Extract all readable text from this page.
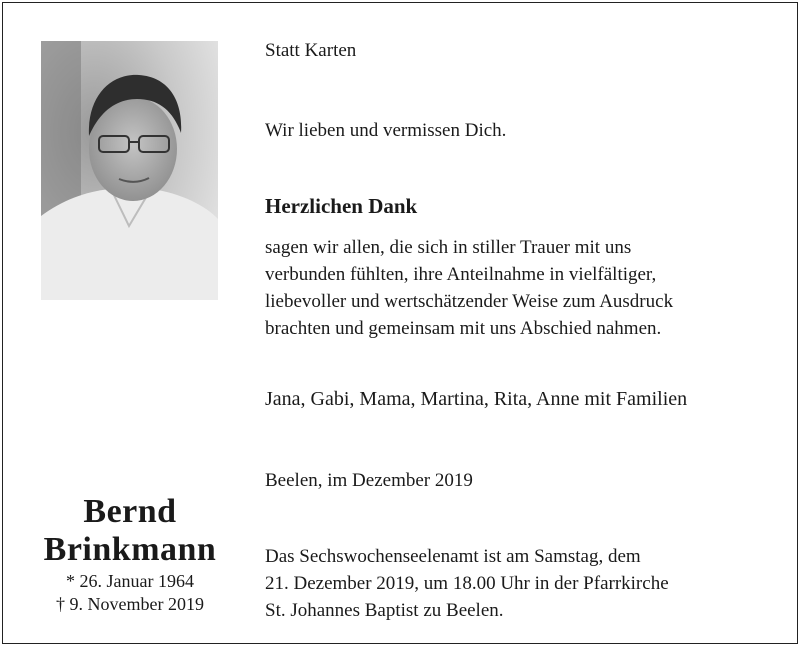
Bernd
Brinkmann
* 26. Januar 1964
† 9. November 2019
Statt Karten
Wir lieben und vermissen Dich.
Herzlichen Dank
sagen wir allen, die sich in stiller Trauer mit uns
verbunden fühlten, ihre Anteilnahme in vielfältiger,
liebevoller und wertschätzender Weise zum Ausdruck
brachten und gemeinsam mit uns Abschied nahmen.
Jana, Gabi, Mama, Martina, Rita, Anne mit Familien
Beelen, im Dezember 2019
Das Sechswochenseelenamt ist am Samstag, dem
21. Dezember 2019, um 18.00 Uhr in der Pfarrkirche
St. Johannes Baptist zu Beelen.
